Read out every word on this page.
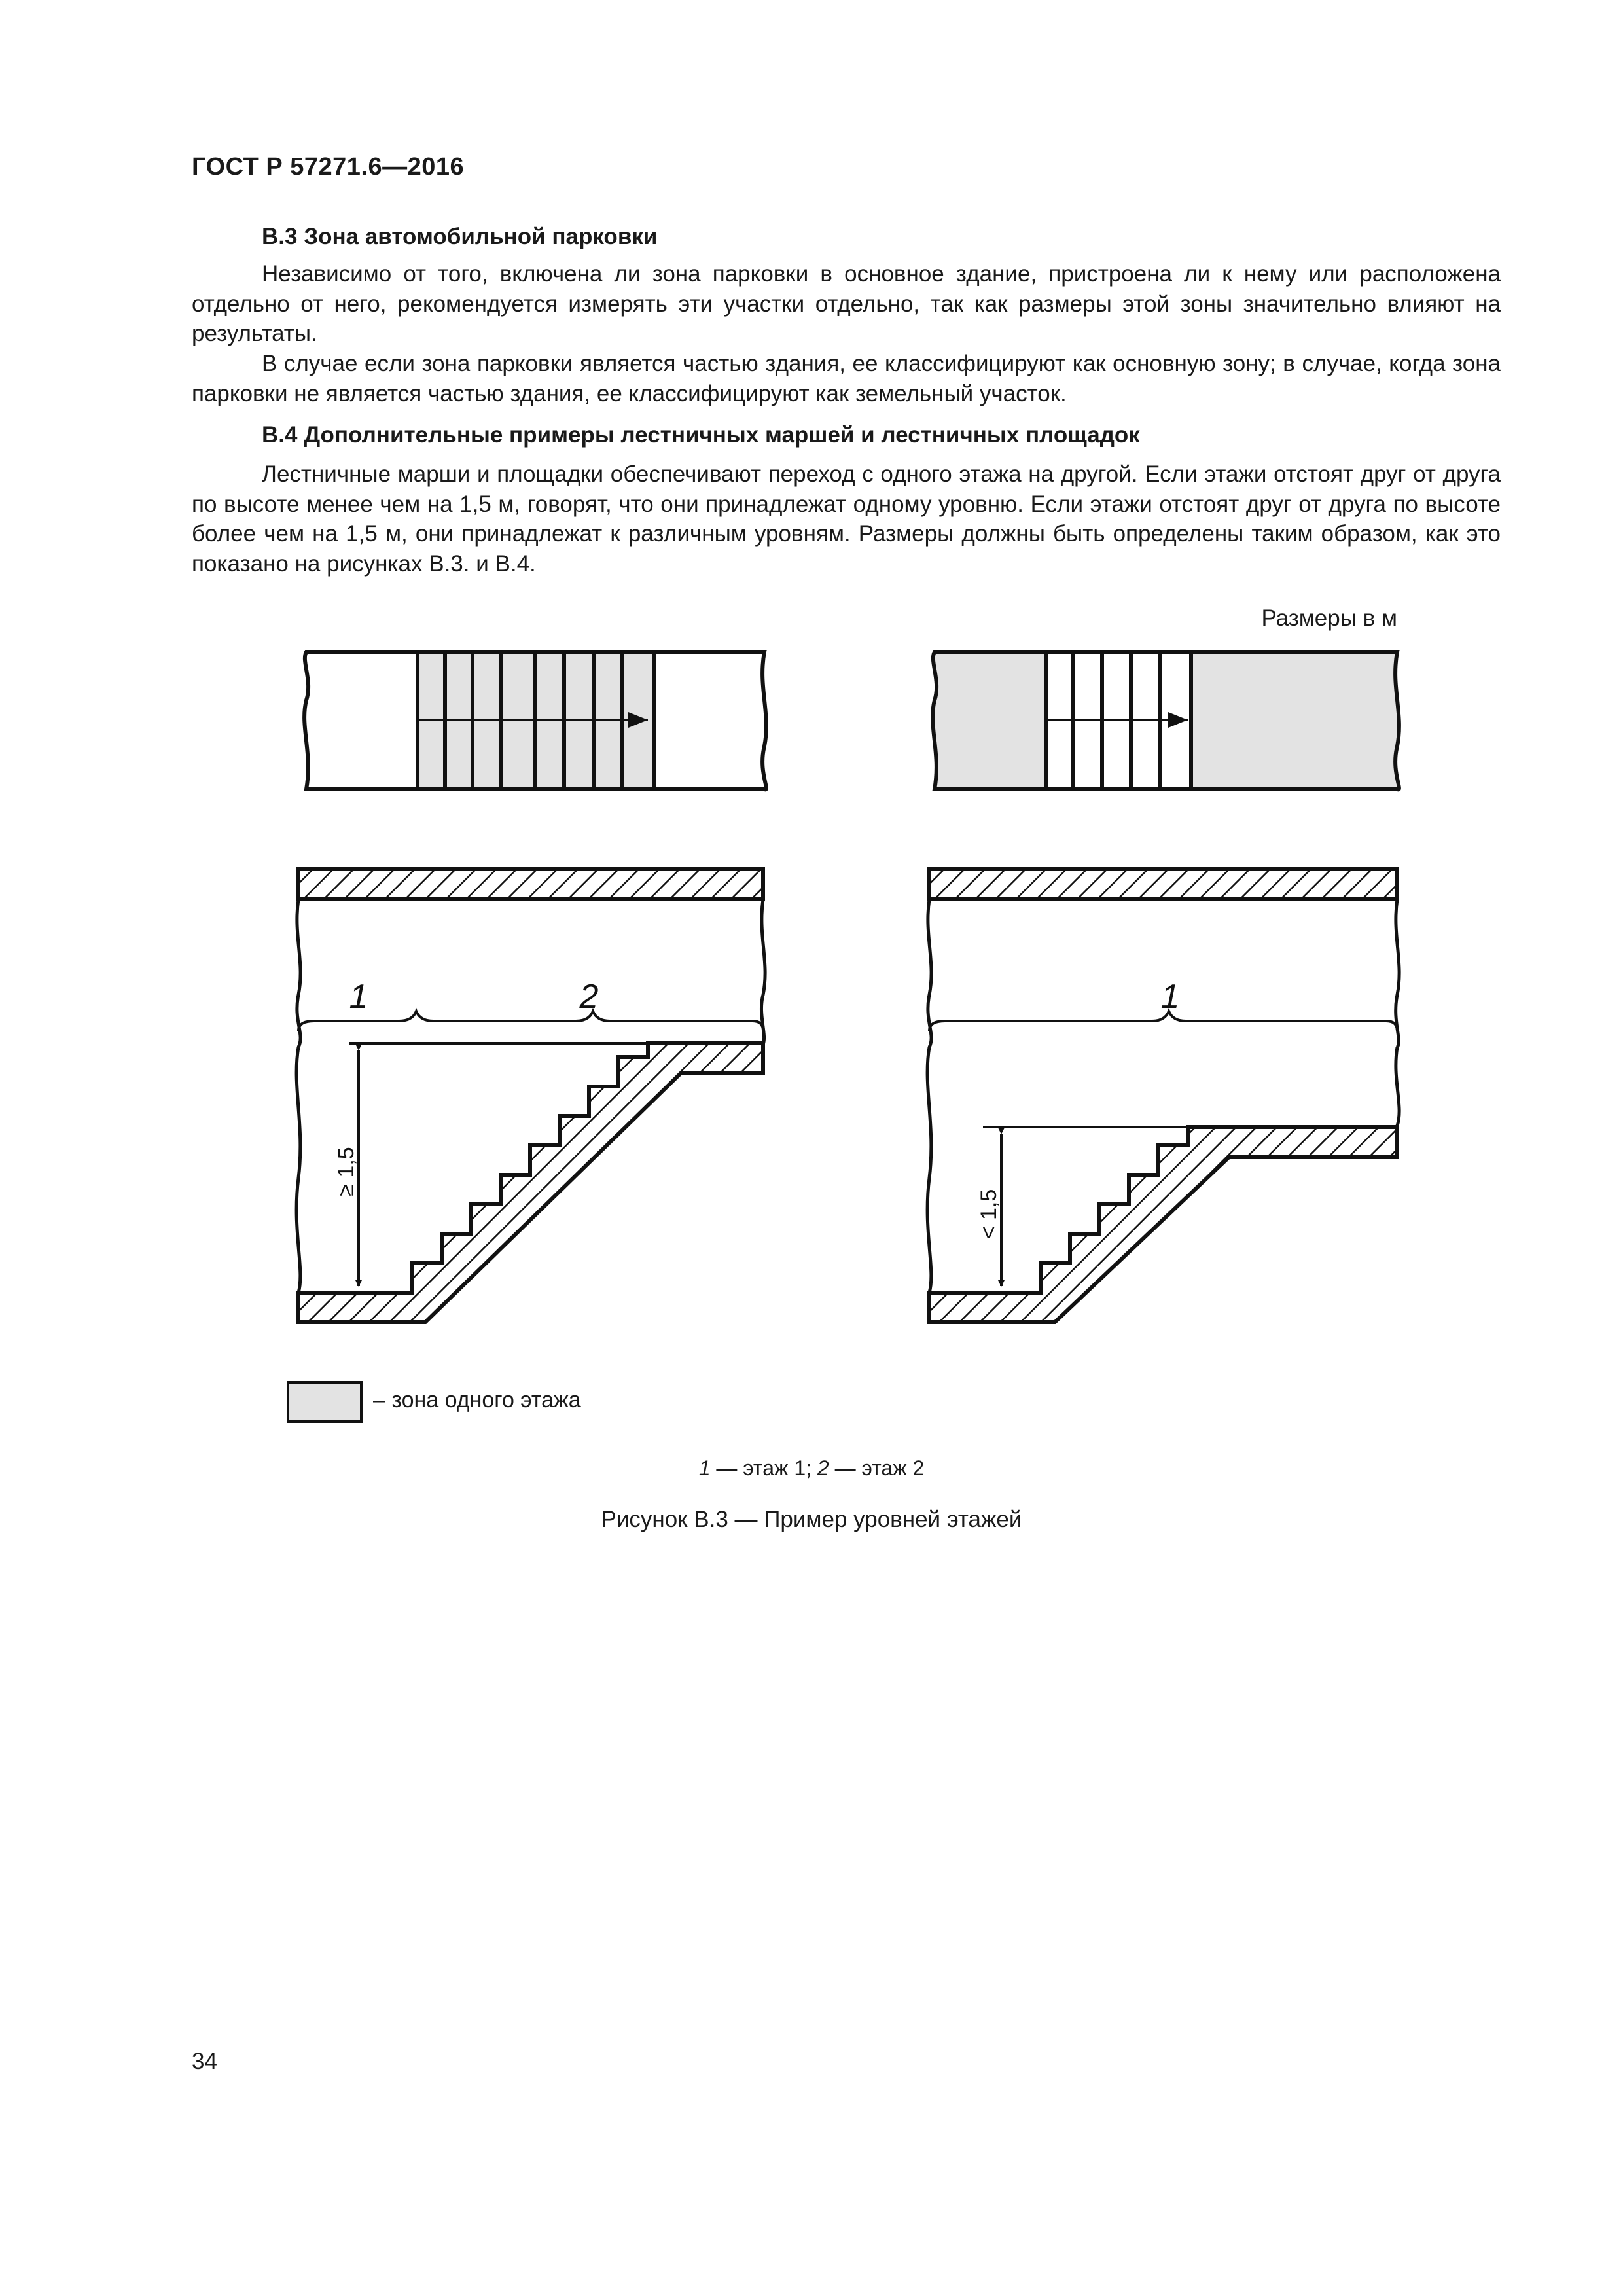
ГОСТ Р 57271.6—2016
В.3 Зона автомобильной парковки

Независимо от того, включена ли зона парковки в основное здание, пристроена ли к нему или расположена отдельно от него, рекомендуется измерять эти участки отдельно, так как размеры этой зоны значительно влияют на результаты.

В случае если зона парковки является частью здания, ее классифицируют как основную зону; в случае, когда зона парковки не является частью здания, ее классифицируют как земельный участок.

В.4 Дополнительные примеры лестничных маршей и лестничных площадок

Лестничные марши и площадки обеспечивают переход с одного этажа на другой. Если этажи отстоят друг от друга по высоте менее чем на 1,5 м, говорят, что они принадлежат одному уровню. Если этажи отстоят друг от друга по высоте более чем на 1,5 м, они принадлежат к различным уровням. Размеры должны быть определены таким образом, как это показано на рисунках В.3. и В.4.

Размеры в м
1	2
≥ 1,5
1
< 1,5
– зона одного этажа
1 — этаж 1; 2 — этаж 2
Рисунок В.3 — Пример уровней этажей
34
